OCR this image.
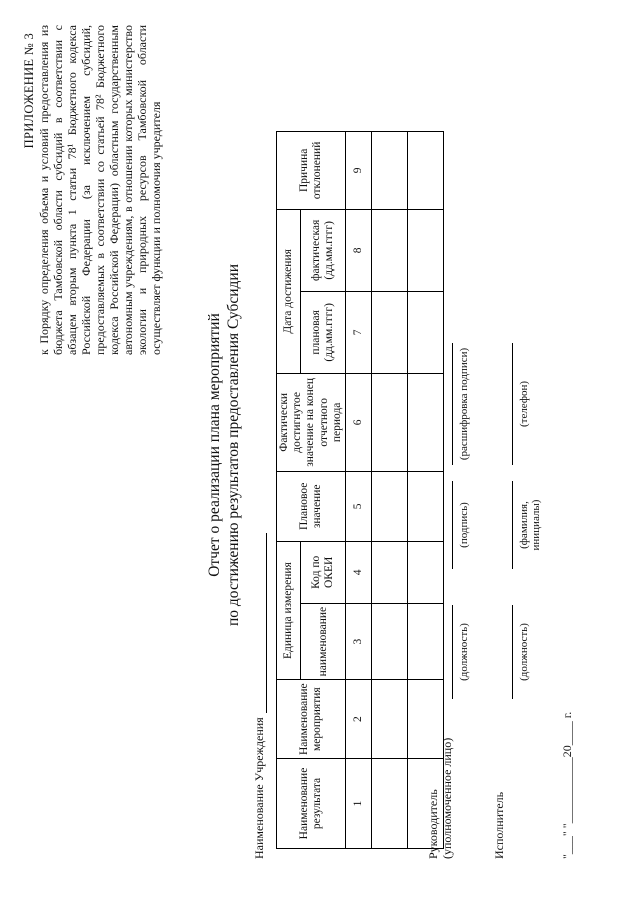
ПРИЛОЖЕНИЕ № 3 к Порядку определения объема и условий предоставления из бюджета Тамбовской области субсидий в соответствии с абзацем вторым пункта 1 статьи 78¹ Бюджетного кодекса Российской Федерации (за исключением субсидий, предоставляемых в соответствии со статьей 78² Бюджетного кодекса Российской Федерации) областным государственным автономным учреждениям, в отношении которых министерство экологии и природных ресурсов Тамбовской области осуществляет функции и полномочия учредителя
Отчет о реализации плана мероприятий по достижению результатов предоставления Субсидии
Наименование Учреждения	Наименование результата	Наименование мероприятия	Единица измерения		Плановое значение	Фактически достигнутое значение на конец отчетного периода	Дата достижения		Причина отклонений
		наименование	Код по ОКЕИ			плановая (дд.мм.гггг)	фактическая (дд.мм.гггг)	
1	2	3	4	5	6	7	8	9

Руководитель (уполномоченное лицо)
(должность)
(подпись)
(расшифровка подписи)
Исполнитель
(должность)
(фамилия, инициалы)
(телефон)
"___" "___________20____ г.
